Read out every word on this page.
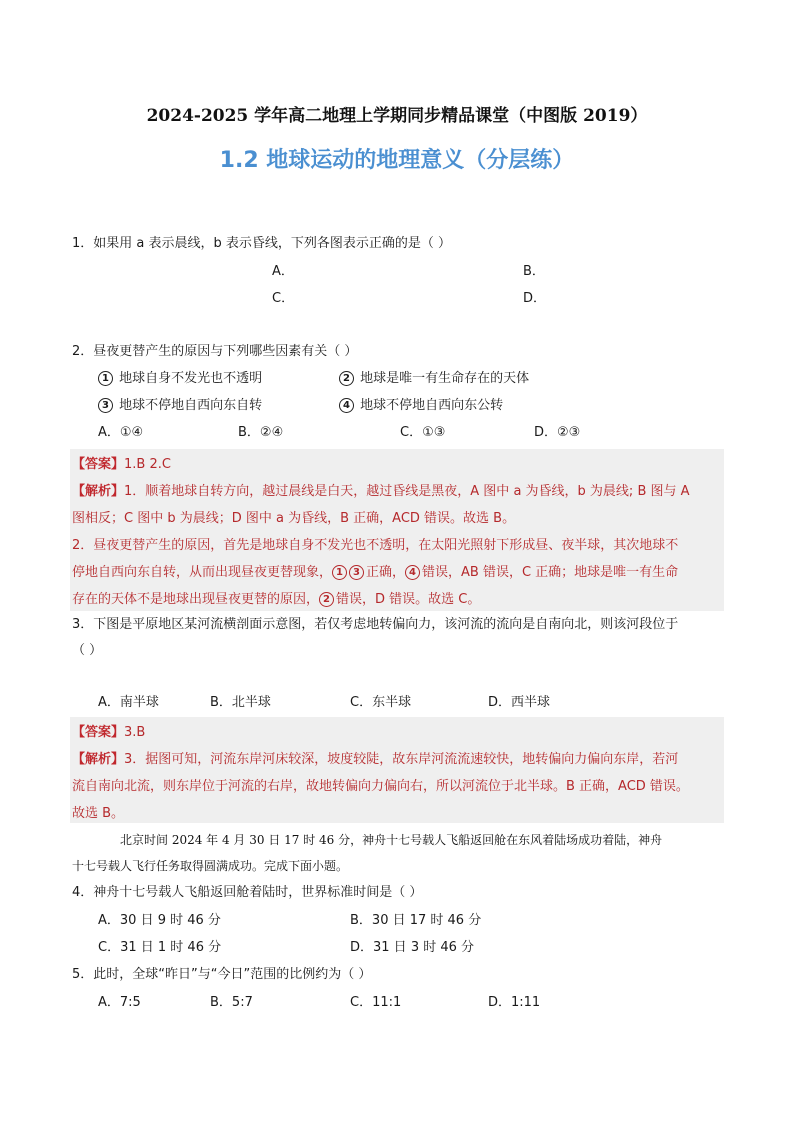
2024-2025 学年高二地理上学期同步精品课堂（中图版 2019）
1.2 地球运动的地理意义（分层练）
1．如果用 a 表示晨线，b 表示昏线，下列各图表示正确的是（ ）
A．	B．
C．	D．
2．昼夜更替产生的原因与下列哪些因素有关（ ）
1 地球自身不发光也不透明	2 地球是唯一有生命存在的天体
3 地球不停地自西向东自转	4 地球不停地自西向东公转
A．①④	B．②④	C．①③	D．②③
【答案】1.B 2.C
【解析】1．顺着地球自转方向，越过晨线是白天，越过昏线是黑夜，A 图中 a 为昏线，b 为晨线; B 图与 A
图相反；C 图中 b 为晨线；D 图中 a 为昏线，B 正确，ACD 错误。故选 B。
2．昼夜更替产生的原因，首先是地球自身不发光也不透明，在太阳光照射下形成昼、夜半球，其次地球不
停地自西向东自转，从而出现昼夜更替现象， 1 3 正确， 4 错误，AB 错误，C 正确；地球是唯一有生命
存在的天体不是地球出现昼夜更替的原因， 2 错误，D 错误。故选 C。
3．下图是平原地区某河流横剖面示意图，若仅考虑地转偏向力，该河流的流向是自南向北，则该河段位于
（ ）
A．南半球	B．北半球	C．东半球	D．西半球
【答案】3.B
【解析】3．据图可知，河流东岸河床较深，坡度较陡，故东岸河流流速较快，地转偏向力偏向东岸，若河
流自南向北流，则东岸位于河流的右岸，故地转偏向力偏向右，所以河流位于北半球。B 正确，ACD 错误。
故选 B。
北京时间 2024 年 4 月 30 日 17 时 46 分，神舟十七号载人飞船返回舱在东风着陆场成功着陆，神舟
十七号载人飞行任务取得圆满成功。完成下面小题。
4．神舟十七号载人飞船返回舱着陆时，世界标准时间是（ ）
A．30 日 9 时 46 分	B．30 日 17 时 46 分
C．31 日 1 时 46 分	D．31 日 3 时 46 分
5．此时，全球“昨日”与“今日”范围的比例约为（ ）
A．7:5	B．5:7	C．11:1	D．1:11
